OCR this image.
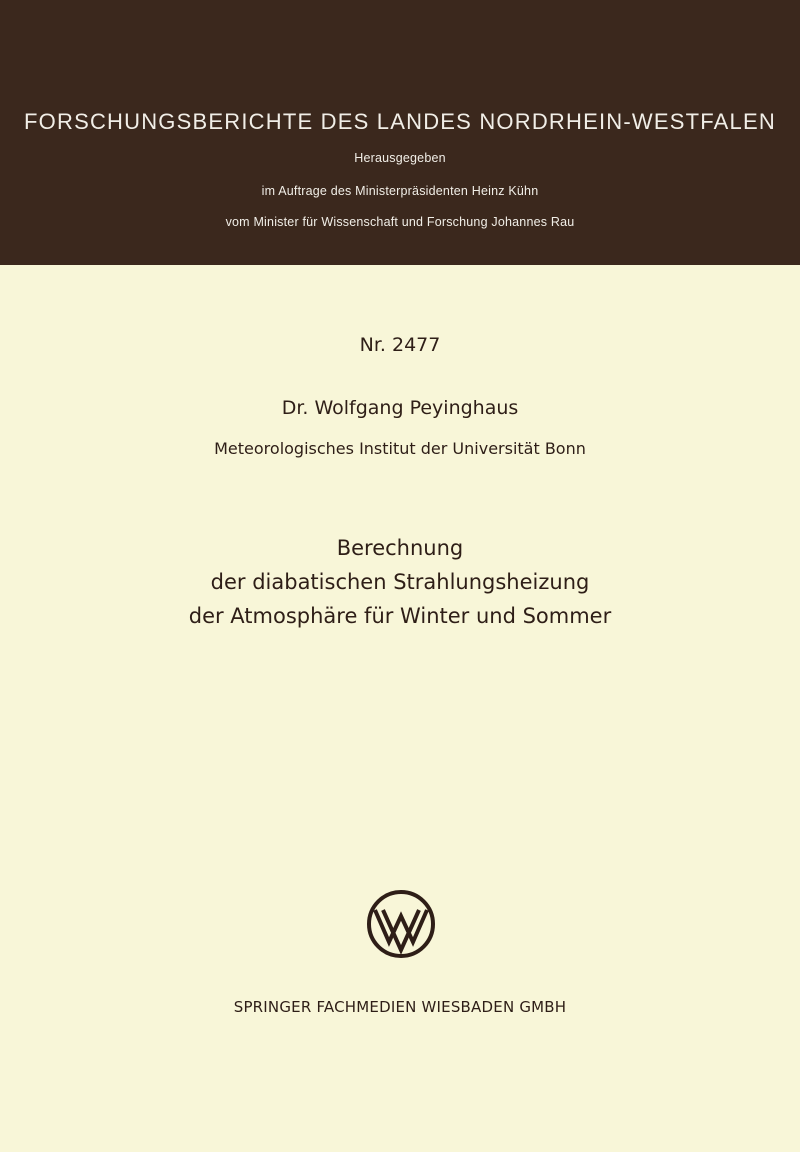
FORSCHUNGSBERICHTE DES LANDES NORDRHEIN-WESTFALEN
Herausgegeben
im Auftrage des Ministerpräsidenten Heinz Kühn
vom Minister für Wissenschaft und Forschung Johannes Rau
Nr. 2477
Dr. Wolfgang Peyinghaus
Meteorologisches Institut der Universität Bonn
Berechnung
der diabatischen Strahlungsheizung
der Atmosphäre für Winter und Sommer
SPRINGER FACHMEDIEN WIESBADEN GMBH
